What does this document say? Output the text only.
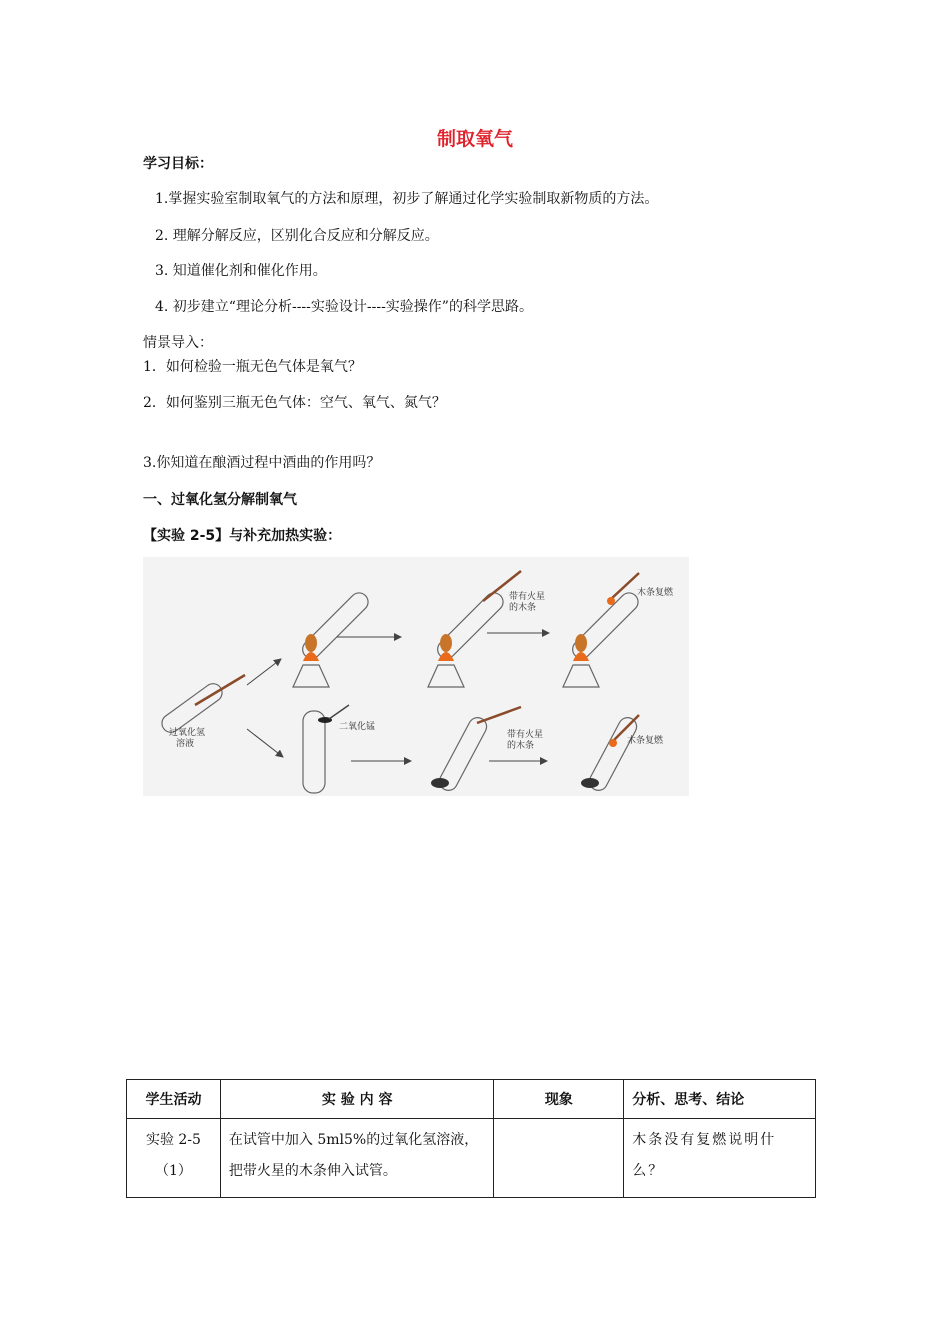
制取氧气
学习目标：
1.掌握实验室制取氧气的方法和原理，初步了解通过化学实验制取新物质的方法。
2. 理解分解反应，区别化合反应和分解反应。
3. 知道催化剂和催化作用。
4. 初步建立“理论分析----实验设计----实验操作”的科学思路。
情景导入：
1．如何检验一瓶无色气体是氧气？
2．如何鉴别三瓶无色气体：空气、氧气、氮气？
3.你知道在酿酒过程中酒曲的作用吗？
一、过氧化氢分解制氧气
【实验 2-5】与补充加热实验：
过氧化氢
溶液
带有火星
的木条
木条复燃
二氧化锰
带有火星
的木条	木条复燃
学生活动	实 验 内 容	现象	分析、思考、结论

实验 2-5
（1）	在试管中加入 5ml5%的过氧化氢溶液，把带火星的木条伸入试管。		木条没有复燃说明什么？
